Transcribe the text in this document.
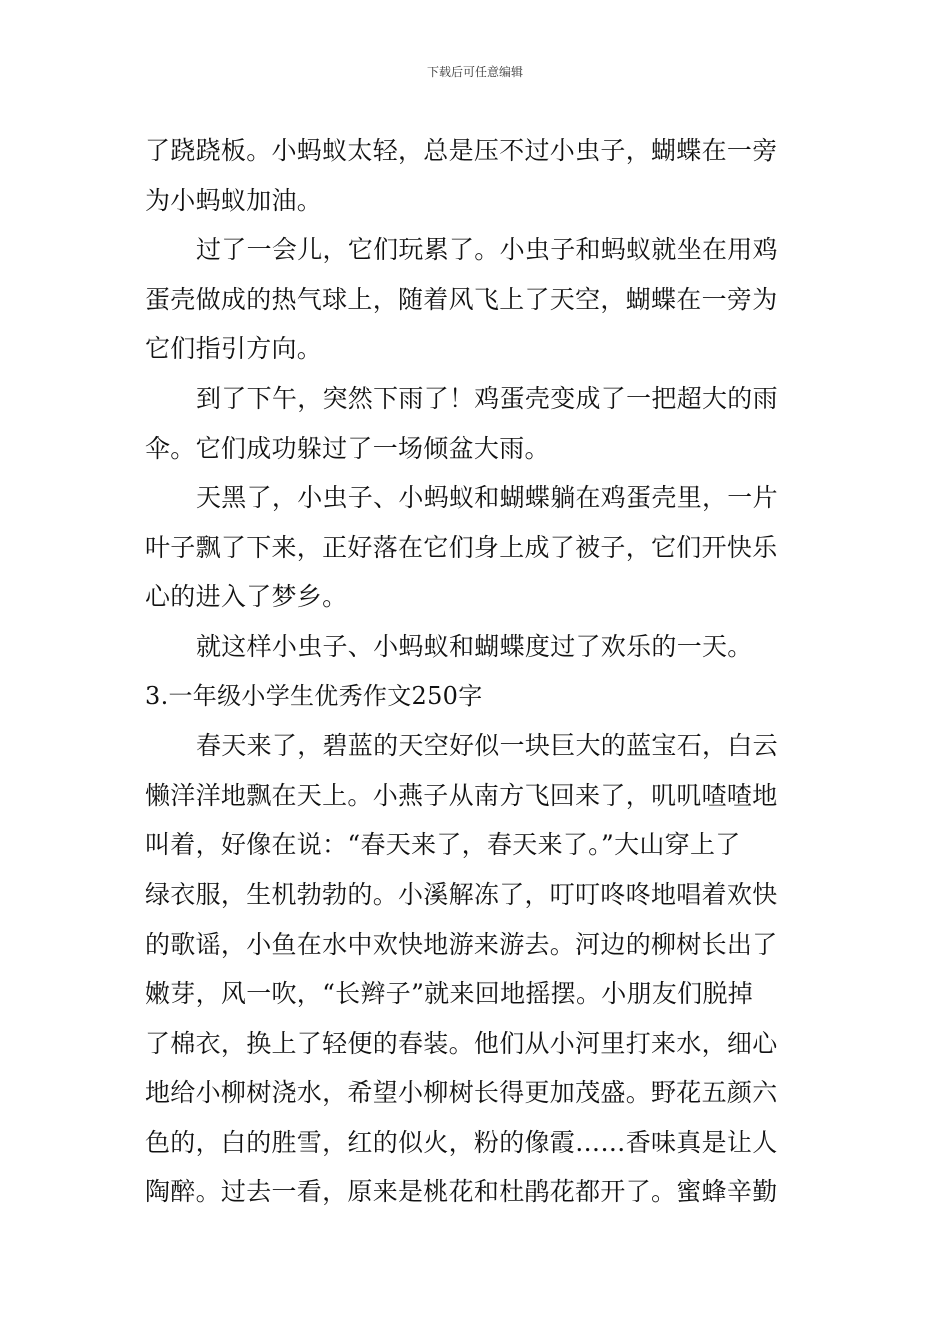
下载后可任意编辑
了跷跷板。小蚂蚁太轻，总是压不过小虫子，蝴蝶在一旁
为小蚂蚁加油。
过了一会儿，它们玩累了。小虫子和蚂蚁就坐在用鸡
蛋壳做成的热气球上，随着风飞上了天空，蝴蝶在一旁为
它们指引方向。
到了下午，突然下雨了！鸡蛋壳变成了一把超大的雨
伞。它们成功躲过了一场倾盆大雨。
天黑了，小虫子、小蚂蚁和蝴蝶躺在鸡蛋壳里，一片
叶子飘了下来，正好落在它们身上成了被子，它们开快乐
心的进入了梦乡。
就这样小虫子、小蚂蚁和蝴蝶度过了欢乐的一天。
3.一年级小学生优秀作文250字
春天来了，碧蓝的天空好似一块巨大的蓝宝石，白云
懒洋洋地飘在天上。小燕子从南方飞回来了，叽叽喳喳地
叫着，好像在说：“春天来了，春天来了。”大山穿上了
绿衣服，生机勃勃的。小溪解冻了，叮叮咚咚地唱着欢快
的歌谣，小鱼在水中欢快地游来游去。河边的柳树长出了
嫩芽，风一吹，“长辫子”就来回地摇摆。小朋友们脱掉
了棉衣，换上了轻便的春装。他们从小河里打来水，细心
地给小柳树浇水，希望小柳树长得更加茂盛。野花五颜六
色的，白的胜雪，红的似火，粉的像霞……香味真是让人
陶醉。过去一看，原来是桃花和杜鹃花都开了。蜜蜂辛勤
